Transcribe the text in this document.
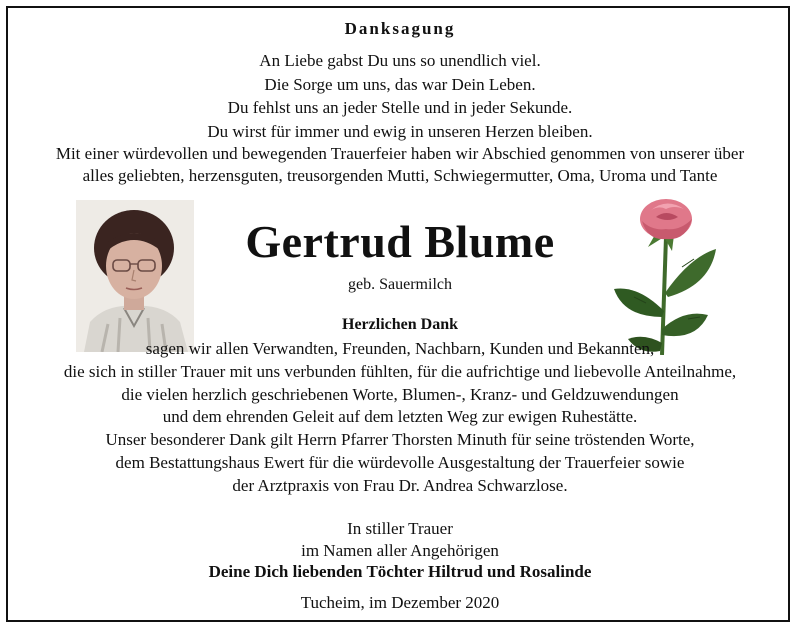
Danksagung
An Liebe gabst Du uns so unendlich viel.
Die Sorge um uns, das war Dein Leben.
Du fehlst uns an jeder Stelle und in jeder Sekunde.
Du wirst für immer und ewig in unseren Herzen bleiben.
Mit einer würdevollen und bewegenden Trauerfeier haben wir Abschied genommen von unserer über
alles geliebten, herzensguten, treusorgenden Mutti, Schwiegermutter, Oma, Uroma und Tante
Gertrud Blume
geb. Sauermilch
Herzlichen Dank
sagen wir allen Verwandten, Freunden, Nachbarn, Kunden und Bekannten,
die sich in stiller Trauer mit uns verbunden fühlten, für die aufrichtige und liebevolle Anteilnahme,
die vielen herzlich geschriebenen Worte, Blumen-, Kranz- und Geldzuwendungen
und dem ehrenden Geleit auf dem letzten Weg zur ewigen Ruhestätte.
Unser besonderer Dank gilt Herrn Pfarrer Thorsten Minuth für seine tröstenden Worte,
dem Bestattungshaus Ewert für die würdevolle Ausgestaltung der Trauerfeier sowie
der Arztpraxis von Frau Dr. Andrea Schwarzlose.
In stiller Trauer
im Namen aller Angehörigen
Deine Dich liebenden Töchter Hiltrud und Rosalinde
Tucheim, im Dezember 2020
